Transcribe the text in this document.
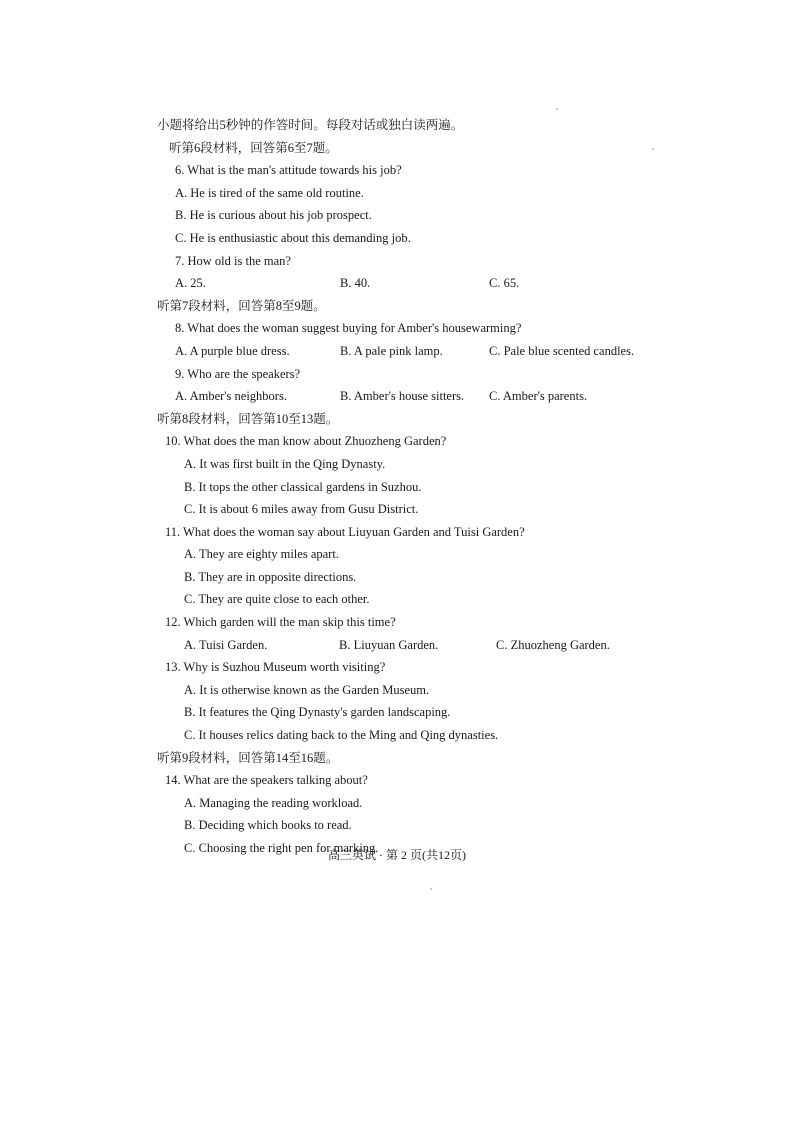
小题将给出5秒钟的作答时间。每段对话或独白读两遍。
听第6段材料，回答第6至7题。
6. What is the man's attitude towards his job?
A. He is tired of the same old routine.
B. He is curious about his job prospect.
C. He is enthusiastic about this demanding job.
7. How old is the man?
A. 25.	B. 40.	C. 65.
听第7段材料，回答第8至9题。
8. What does the woman suggest buying for Amber's housewarming?
A. A purple blue dress.	B. A pale pink lamp.	C. Pale blue scented candles.
9. Who are the speakers?
A. Amber's neighbors.	B. Amber's house sitters.	C. Amber's parents.
听第8段材料，回答第10至13题。
10. What does the man know about Zhuozheng Garden?
A. It was first built in the Qing Dynasty.
B. It tops the other classical gardens in Suzhou.
C. It is about 6 miles away from Gusu District.
11. What does the woman say about Liuyuan Garden and Tuisi Garden?
A. They are eighty miles apart.
B. They are in opposite directions.
C. They are quite close to each other.
12. Which garden will the man skip this time?
A. Tuisi Garden.	B. Liuyuan Garden.	C. Zhuozheng Garden.
13. Why is Suzhou Museum worth visiting?
A. It is otherwise known as the Garden Museum.
B. It features the Qing Dynasty's garden landscaping.
C. It houses relics dating back to the Ming and Qing dynasties.
听第9段材料，回答第14至16题。
14. What are the speakers talking about?
A. Managing the reading workload.
B. Deciding which books to read.
C. Choosing the right pen for marking.
高三英试 · 第 2 页(共12页)
